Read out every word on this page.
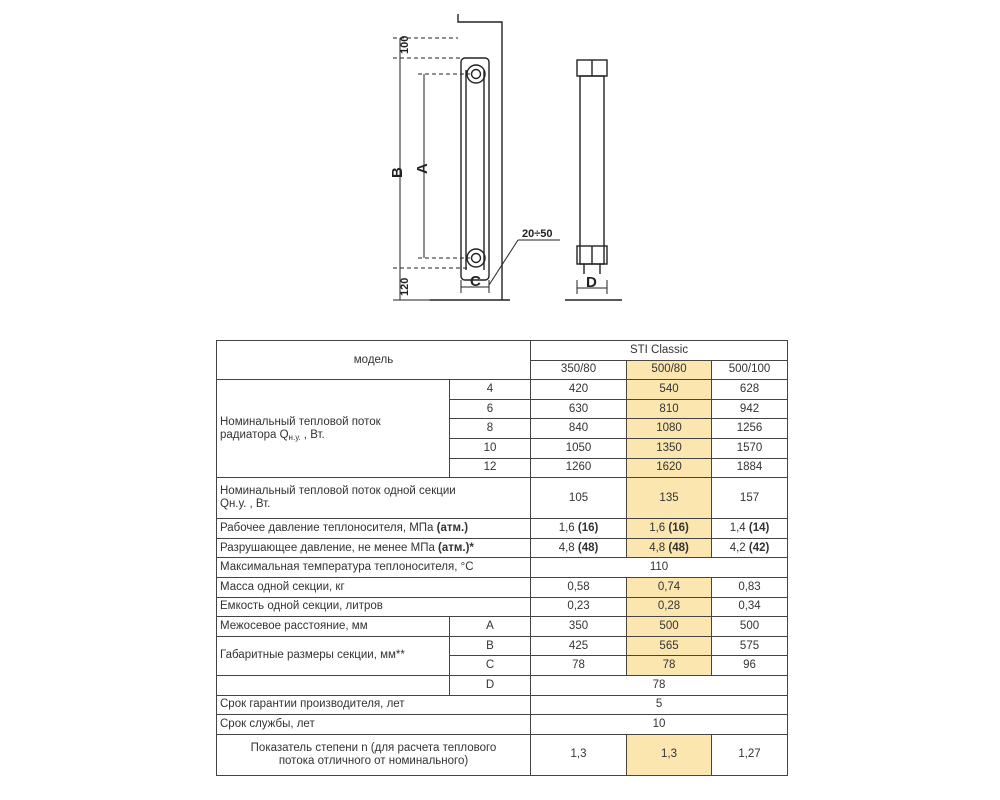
100
B A
120	C	D
20÷50
модель		STI Classic		
		350/80	500/80	500/100
Номинальный тепловой поток
радиатора Qн.у. , Вт.	4	420	540	628
	6	630	810	942
	8	840	1080	1256
	10	1050	1350	1570
	12	1260	1620	1884
Номинальный тепловой поток одной секции
Qн.у. , Вт.		105	135	157
Рабочее давление теплоносителя, МПа (атм.)		1,6 (16)	1,6 (16)	1,4 (14)
Разрушающее давление, не менее МПа (атм.)*		4,8 (48)	4,8 (48)	4,2 (42)
Максимальная температура теплоносителя, °С		110		
Масса одной секции, кг		0,58	0,74	0,83
Емкость одной секции, литров		0,23	0,28	0,34
Межосевое расстояние, мм	A	350	500	500
Габаритные размеры секции, мм**	B	425	565	575
	C	78	78	96
	D	78		
Срок гарантии производителя, лет		5		
Срок службы, лет		10		
Показатель степени n (для расчета теплового
потока отличного от номинального)		1,3	1,3	1,27
